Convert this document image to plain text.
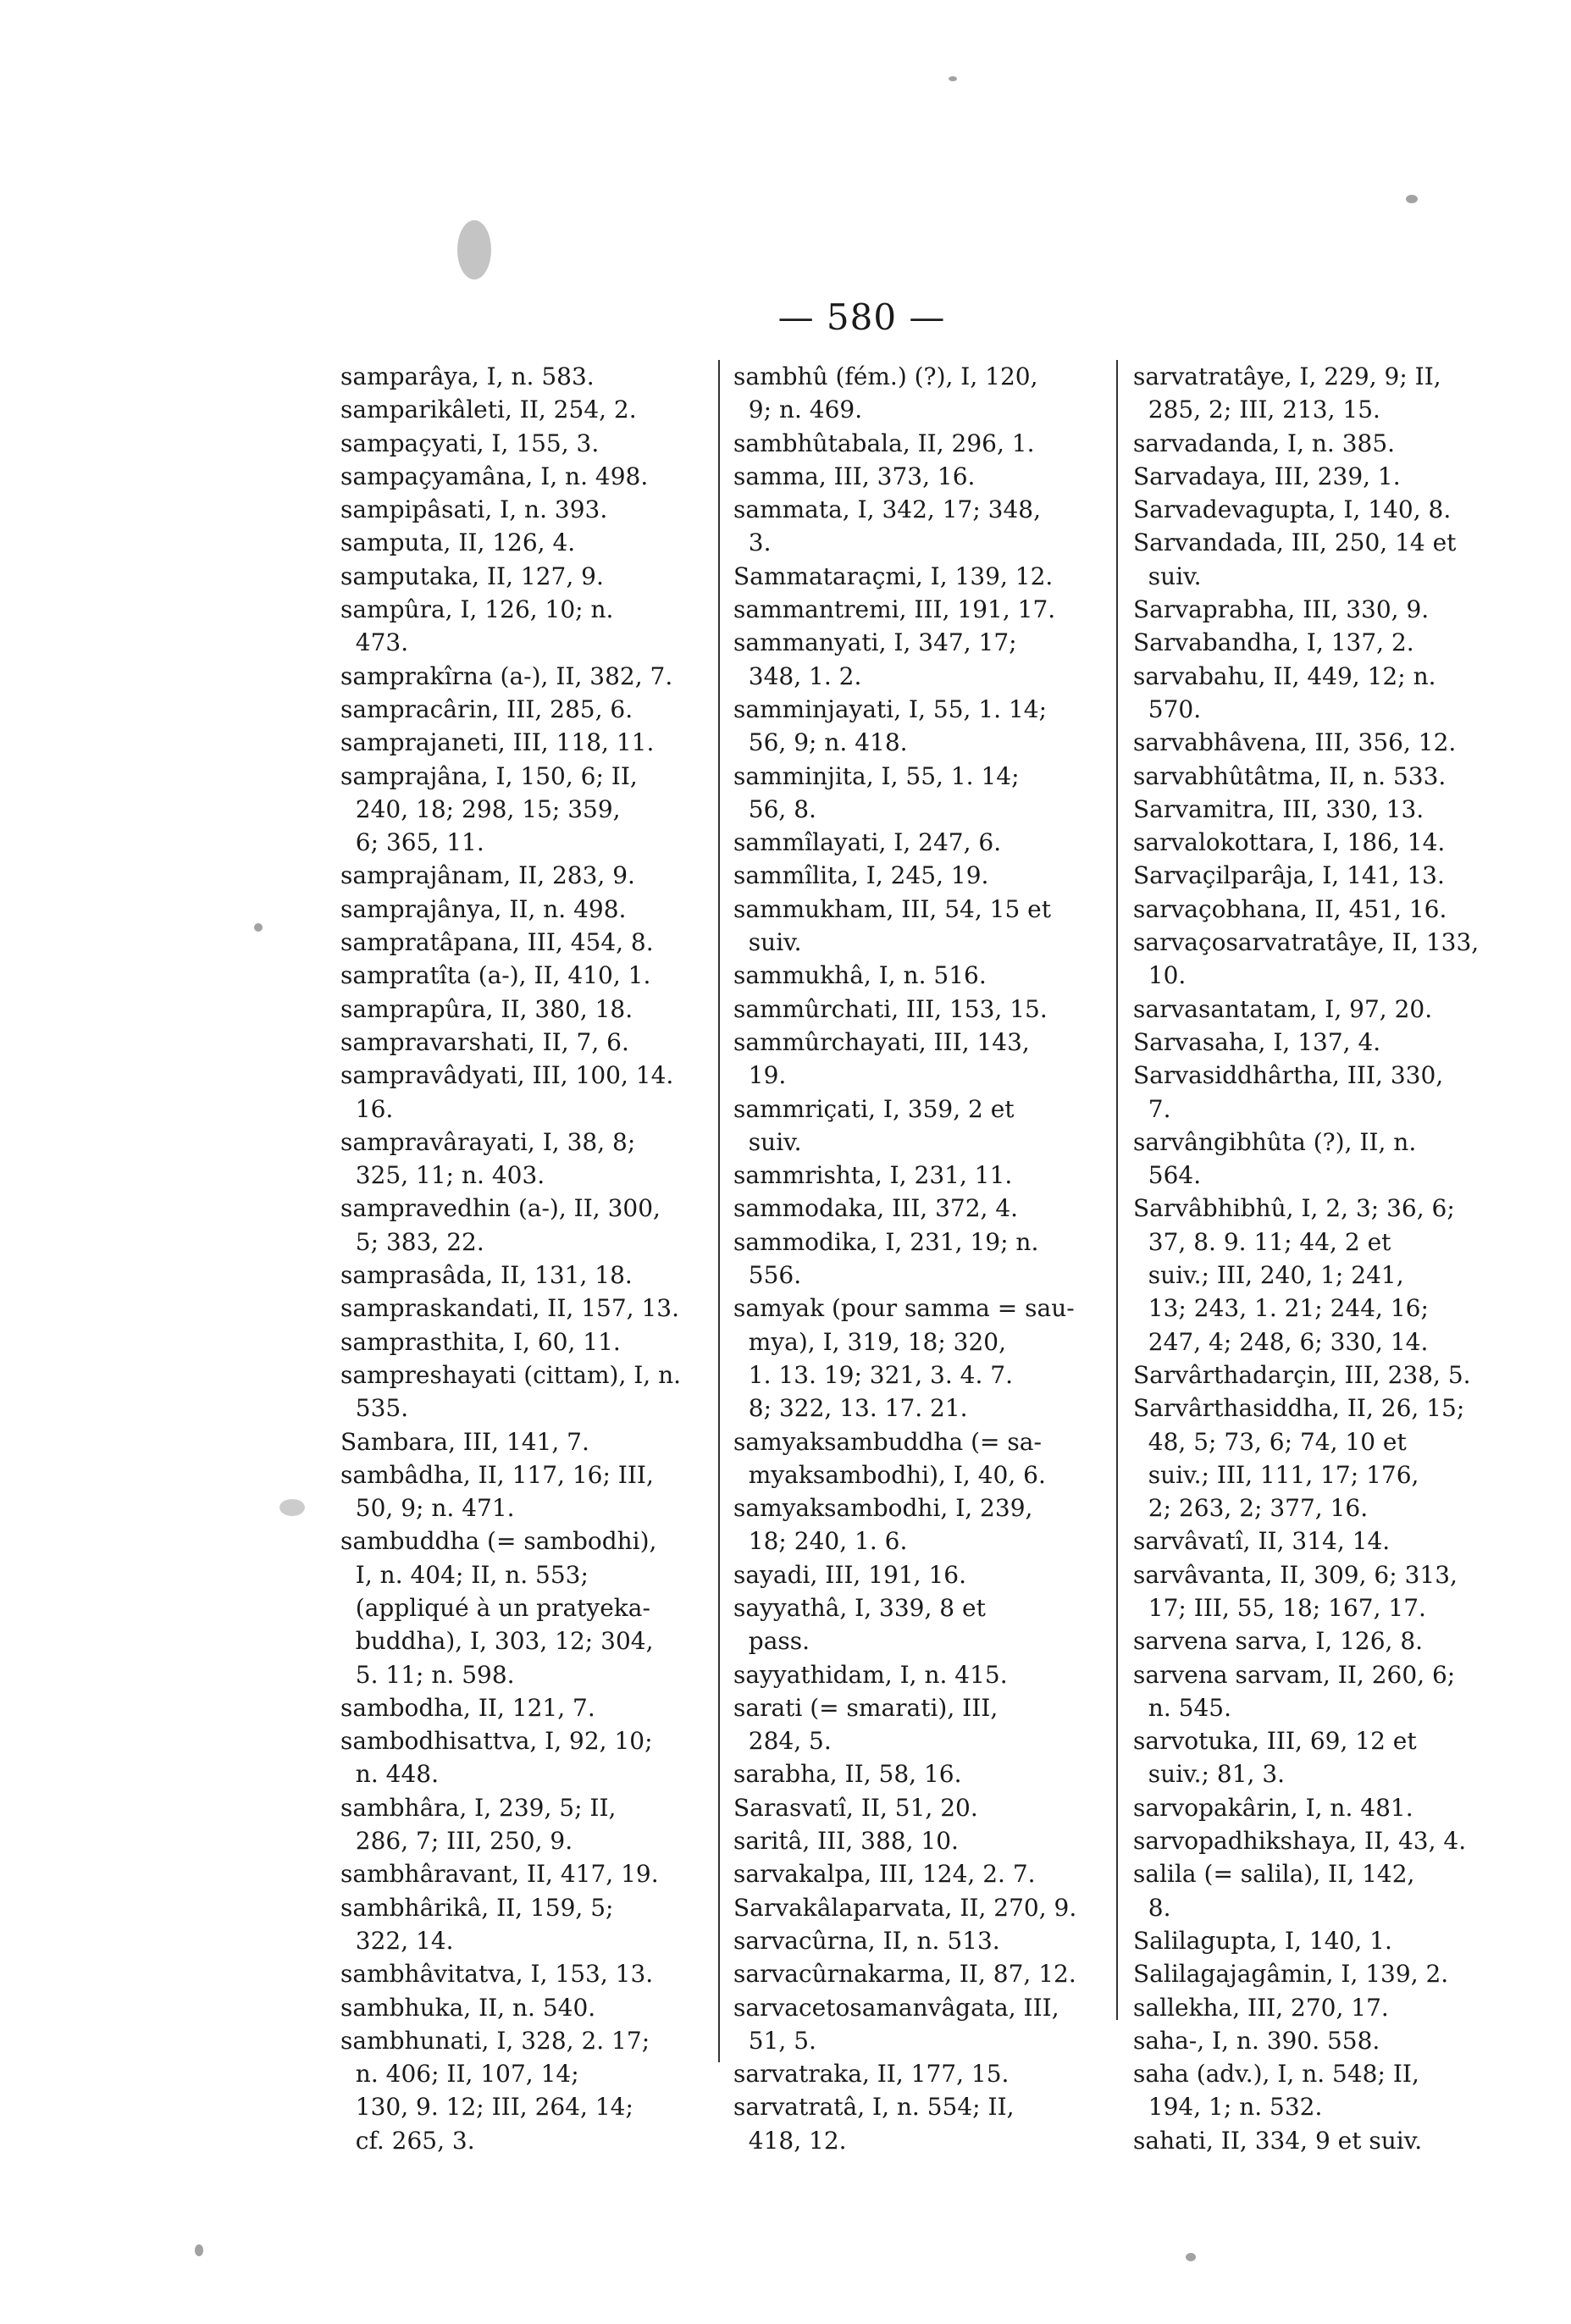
— 580 —
samparâya, I, n. 583.
samparikâleti, II, 254, 2.
sampaçyati, I, 155, 3.
sampaçyamâna, I, n. 498.
sampipâsati, I, n. 393.
samputa, II, 126, 4.
samputaka, II, 127, 9.
sampûra, I, 126, 10; n.
473.
samprakîrna (a-), II, 382, 7.
sampracârin, III, 285, 6.
samprajaneti, III, 118, 11.
samprajâna, I, 150, 6; II,
240, 18; 298, 15; 359,
6; 365, 11.
samprajânam, II, 283, 9.
samprajânya, II, n. 498.
sampratâpana, III, 454, 8.
sampratîta (a-), II, 410, 1.
samprapûra, II, 380, 18.
sampravarshati, II, 7, 6.
sampravâdyati, III, 100, 14.
16.
sampravârayati, I, 38, 8;
325, 11; n. 403.
sampravedhin (a-), II, 300,
5; 383, 22.
samprasâda, II, 131, 18.
sampraskandati, II, 157, 13.
samprasthita, I, 60, 11.
sampreshayati (cittam), I, n.
535.
Sambara, III, 141, 7.
sambâdha, II, 117, 16; III,
50, 9; n. 471.
sambuddha (= sambodhi),
I, n. 404; II, n. 553;
(appliqué à un pratyeka-
buddha), I, 303, 12; 304,
5. 11; n. 598.
sambodha, II, 121, 7.
sambodhisattva, I, 92, 10;
n. 448.
sambhâra, I, 239, 5; II,
286, 7; III, 250, 9.
sambhâravant, II, 417, 19.
sambhârikâ, II, 159, 5;
322, 14.
sambhâvitatva, I, 153, 13.
sambhuka, II, n. 540.
sambhunati, I, 328, 2. 17;
n. 406; II, 107, 14;
130, 9. 12; III, 264, 14;
cf. 265, 3.
sambhû (fém.) (?), I, 120,
9; n. 469.
sambhûtabala, II, 296, 1.
samma, III, 373, 16.
sammata, I, 342, 17; 348,
3.
Sammataraçmi, I, 139, 12.
sammantremi, III, 191, 17.
sammanyati, I, 347, 17;
348, 1. 2.
samminjayati, I, 55, 1. 14;
56, 9; n. 418.
samminjita, I, 55, 1. 14;
56, 8.
sammîlayati, I, 247, 6.
sammîlita, I, 245, 19.
sammukham, III, 54, 15 et
suiv.
sammukhâ, I, n. 516.
sammûrchati, III, 153, 15.
sammûrchayati, III, 143,
19.
sammriçati, I, 359, 2 et
suiv.
sammrishta, I, 231, 11.
sammodaka, III, 372, 4.
sammodika, I, 231, 19; n.
556.
samyak (pour samma = sau-
mya), I, 319, 18; 320,
1. 13. 19; 321, 3. 4. 7.
8; 322, 13. 17. 21.
samyaksambuddha (= sa-
myaksambodhi), I, 40, 6.
samyaksambodhi, I, 239,
18; 240, 1. 6.
sayadi, III, 191, 16.
sayyathâ, I, 339, 8 et
pass.
sayyathidam, I, n. 415.
sarati (= smarati), III,
284, 5.
sarabha, II, 58, 16.
Sarasvatî, II, 51, 20.
saritâ, III, 388, 10.
sarvakalpa, III, 124, 2. 7.
Sarvakâlaparvata, II, 270, 9.
sarvacûrna, II, n. 513.
sarvacûrnakarma, II, 87, 12.
sarvacetosamanvâgata, III,
51, 5.
sarvatraka, II, 177, 15.
sarvatratâ, I, n. 554; II,
418, 12.
sarvatratâye, I, 229, 9; II,
285, 2; III, 213, 15.
sarvadanda, I, n. 385.
Sarvadaya, III, 239, 1.
Sarvadevagupta, I, 140, 8.
Sarvandada, III, 250, 14 et
suiv.
Sarvaprabha, III, 330, 9.
Sarvabandha, I, 137, 2.
sarvabahu, II, 449, 12; n.
570.
sarvabhâvena, III, 356, 12.
sarvabhûtâtma, II, n. 533.
Sarvamitra, III, 330, 13.
sarvalokottara, I, 186, 14.
Sarvaçilparâja, I, 141, 13.
sarvaçobhana, II, 451, 16.
sarvaçosarvatratâye, II, 133,
10.
sarvasantatam, I, 97, 20.
Sarvasaha, I, 137, 4.
Sarvasiddhârtha, III, 330,
7.
sarvângibhûta (?), II, n.
564.
Sarvâbhibhû, I, 2, 3; 36, 6;
37, 8. 9. 11; 44, 2 et
suiv.; III, 240, 1; 241,
13; 243, 1. 21; 244, 16;
247, 4; 248, 6; 330, 14.
Sarvârthadarçin, III, 238, 5.
Sarvârthasiddha, II, 26, 15;
48, 5; 73, 6; 74, 10 et
suiv.; III, 111, 17; 176,
2; 263, 2; 377, 16.
sarvâvatî, II, 314, 14.
sarvâvanta, II, 309, 6; 313,
17; III, 55, 18; 167, 17.
sarvena sarva, I, 126, 8.
sarvena sarvam, II, 260, 6;
n. 545.
sarvotuka, III, 69, 12 et
suiv.; 81, 3.
sarvopakârin, I, n. 481.
sarvopadhikshaya, II, 43, 4.
salila (= salila), II, 142,
8.
Salilagupta, I, 140, 1.
Salilagajagâmin, I, 139, 2.
sallekha, III, 270, 17.
saha-, I, n. 390. 558.
saha (adv.), I, n. 548; II,
194, 1; n. 532.
sahati, II, 334, 9 et suiv.
